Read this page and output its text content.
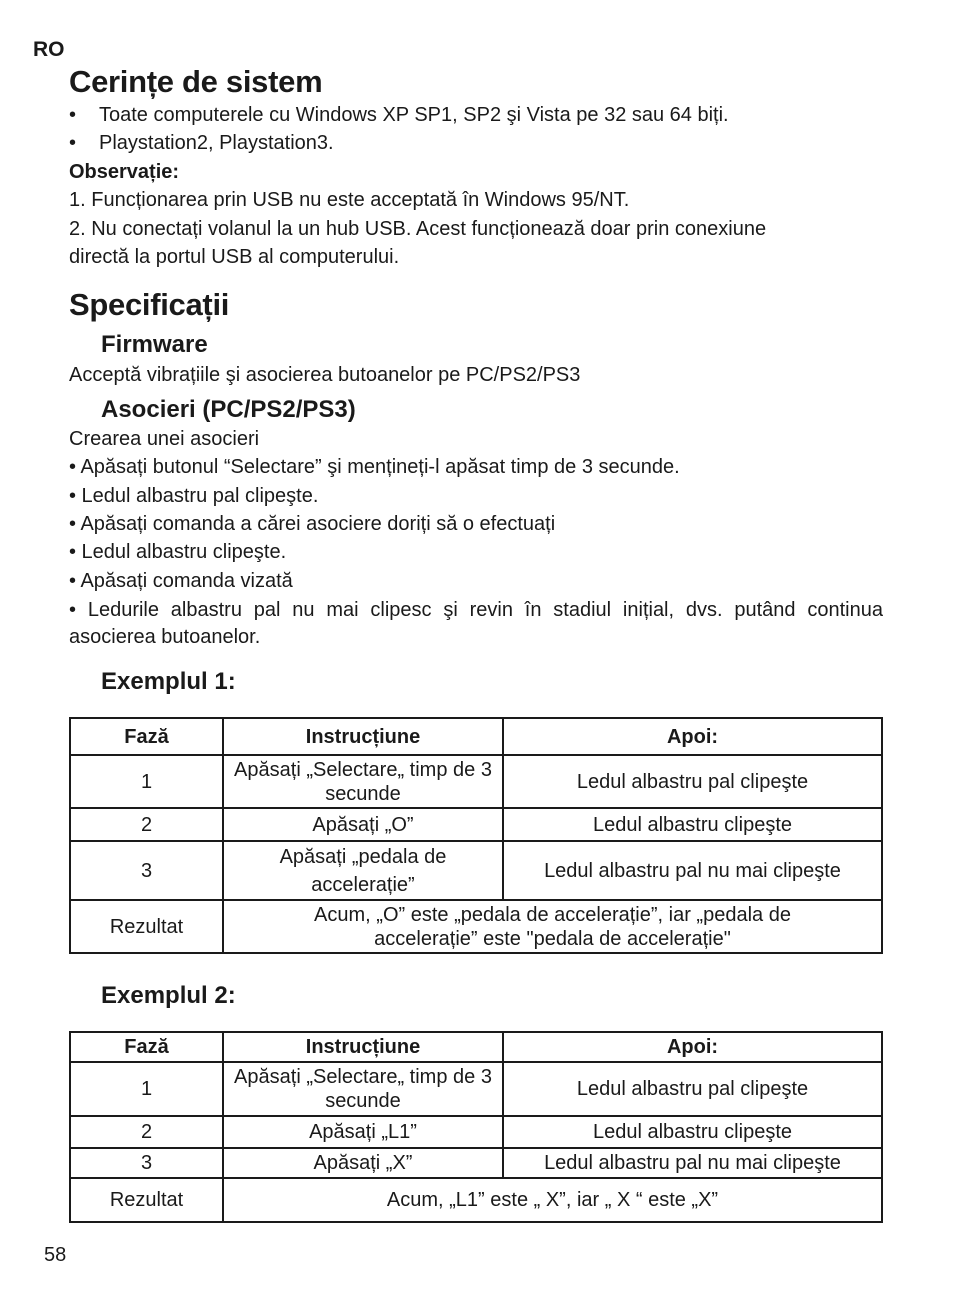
RO
Cerințe de sistem
• Toate computerele cu Windows XP SP1, SP2 şi Vista pe 32 sau 64 biți.
• Playstation2, Playstation3.
Observație:
1. Funcționarea prin USB nu este acceptată în Windows 95/NT.
2. Nu conectați volanul la un hub USB. Acest funcționează doar prin conexiune
directă la portul USB al computerului.
Specificații
Firmware
Acceptă vibrațiile şi asocierea butoanelor pe PC/PS2/PS3
Asocieri (PC/PS2/PS3)
Crearea unei asocieri
• Apăsați butonul “Selectare” şi mențineți-l apăsat timp de 3 secunde.
• Ledul albastru pal clipeşte.
• Apăsați comanda a cărei asociere doriți să o efectuați
• Ledul albastru clipeşte.
• Apăsați comanda vizată
• Ledurile albastru pal nu mai clipesc şi revin în stadiul inițial, dvs. putând continua asocierea butoanelor.
Exemplul 1:
Fază	Instrucțiune	Apoi:
1	Apăsați „Selectare„ timp de 3 secunde	Ledul albastru pal clipeşte
2	Apăsați „O”	Ledul albastru clipeşte
3	Apăsați „pedala de accelerație”	Ledul albastru pal nu mai clipeşte
Rezultat	Acum, „O” este „pedala de accelerație”, iar „pedala de accelerație” este "pedala de accelerație"	
Exemplul 2:
Fază	Instrucțiune	Apoi:
1	Apăsați „Selectare„ timp de 3 secunde	Ledul albastru pal clipeşte
2	Apăsați „L1”	Ledul albastru clipeşte
3	Apăsați „X”	Ledul albastru pal nu mai clipeşte
Rezultat	Acum, „L1” este „ X”, iar „ X “ este „X”	
58
